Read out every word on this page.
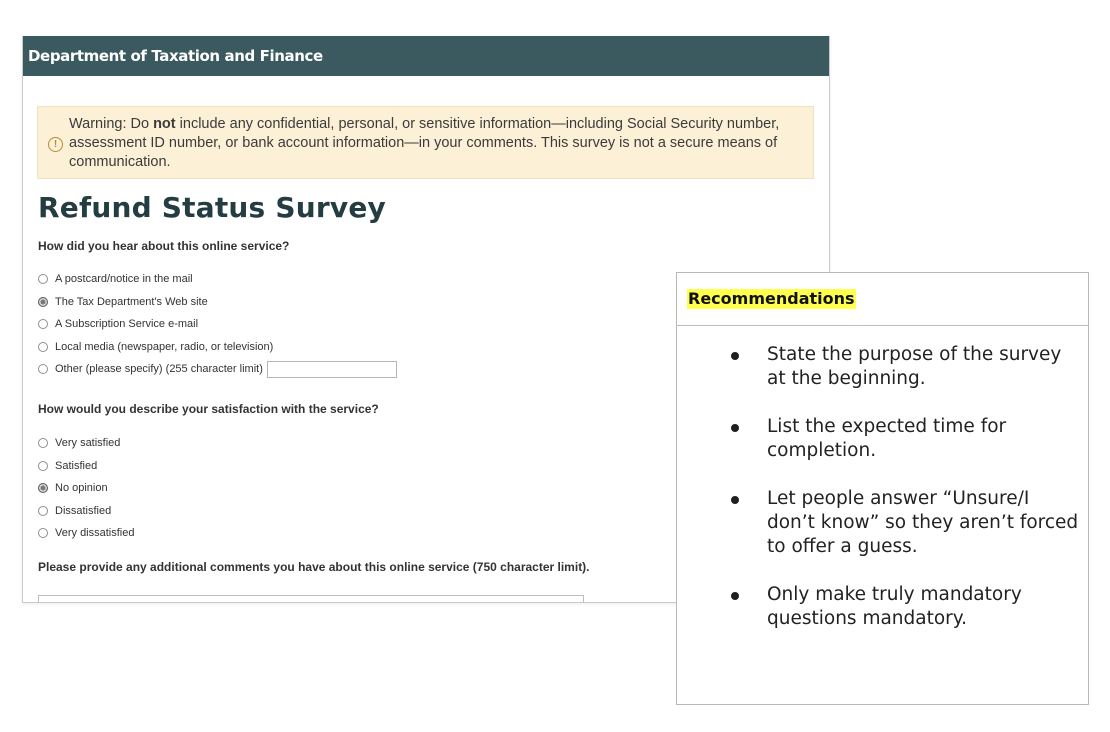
Department of Taxation and Finance
!
Warning: Do not include any confidential, personal, or sensitive information—including Social Security number, assessment ID number, or bank account information—in your comments. This survey is not a secure means of communication.
Refund Status Survey
How did you hear about this online service?
A postcard/notice in the mail
The Tax Department's Web site
A Subscription Service e-mail
Local media (newspaper, radio, or television)
Other (please specify) (255 character limit)
How would you describe your satisfaction with the service?
Very satisfied
Satisfied
No opinion
Dissatisfied
Very dissatisfied
Please provide any additional comments you have about this online service (750 character limit).
Recommendations
State the purpose of the survey at the beginning.
List the expected time for completion.
Let people answer “Unsure/I don’t know” so they aren’t forced to offer a guess.
Only make truly mandatory questions mandatory.
